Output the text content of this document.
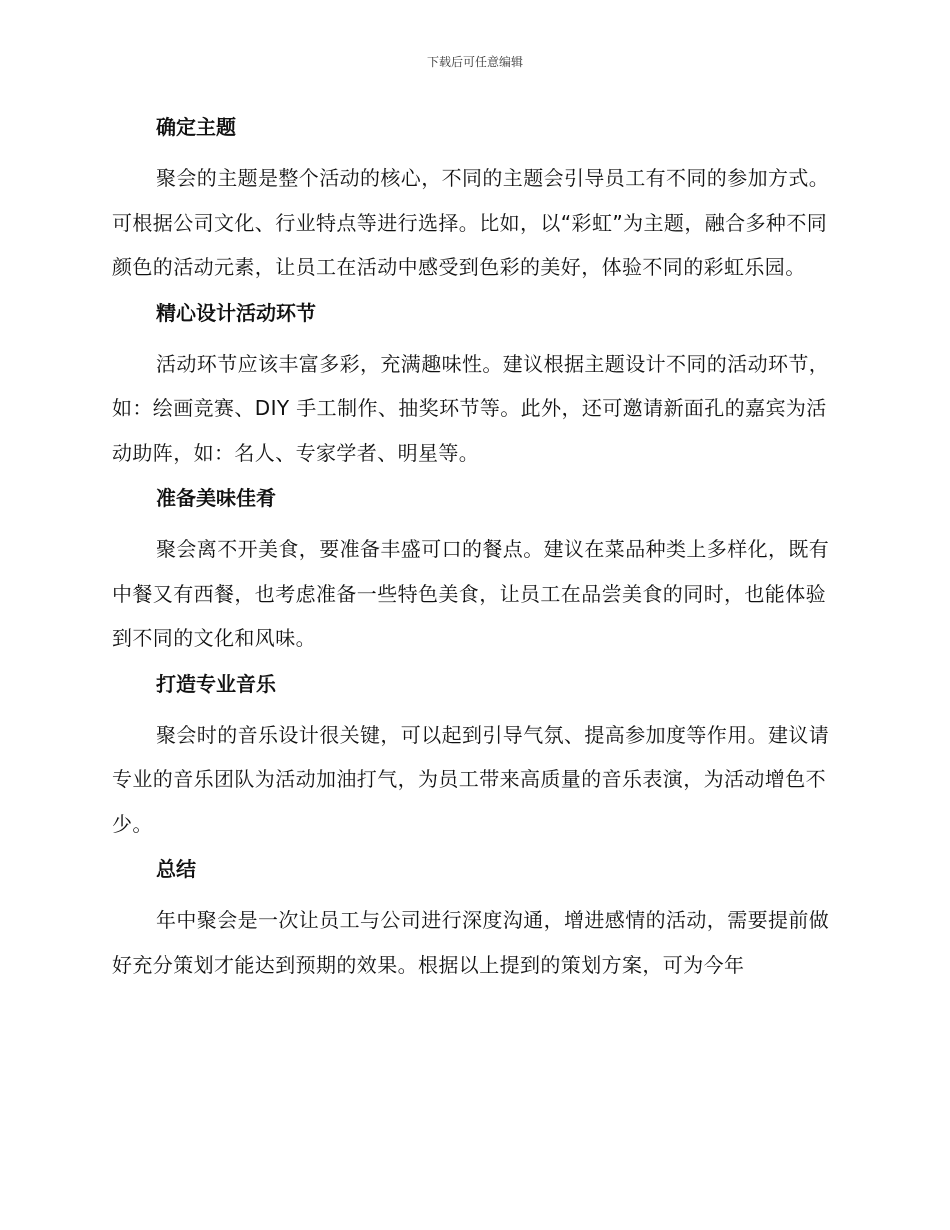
下载后可任意编辑
确定主题

聚会的主题是整个活动的核心，不同的主题会引导员工有不同的参加方式。可根据公司文化、行业特点等进行选择。比如，以“彩虹”为主题，融合多种不同颜色的活动元素，让员工在活动中感受到色彩的美好，体验不同的彩虹乐园。

精心设计活动环节

活动环节应该丰富多彩，充满趣味性。建议根据主题设计不同的活动环节，如：绘画竞赛、DIY 手工制作、抽奖环节等。此外，还可邀请新面孔的嘉宾为活动助阵，如：名人、专家学者、明星等。

准备美味佳肴

聚会离不开美食，要准备丰盛可口的餐点。建议在菜品种类上多样化，既有中餐又有西餐，也考虑准备一些特色美食，让员工在品尝美食的同时，也能体验到不同的文化和风味。

打造专业音乐

聚会时的音乐设计很关键，可以起到引导气氛、提高参加度等作用。建议请专业的音乐团队为活动加油打气，为员工带来高质量的音乐表演，为活动增色不少。

总结

年中聚会是一次让员工与公司进行深度沟通，增进感情的活动，需要提前做好充分策划才能达到预期的效果。根据以上提到的策划方案，可为今年
